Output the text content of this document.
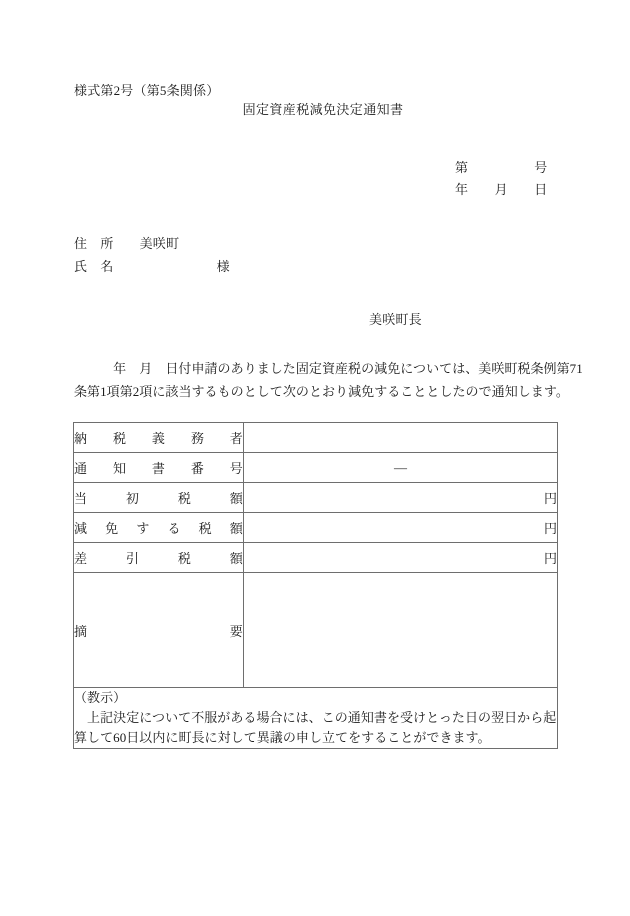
様式第2号（第5条関係）
固定資産税減免決定通知書
第　　　　　号
年　　月　　日
住　所 美咲町
氏　名	様
美咲町長
　　　年　月　日付申請のありました固定資産税の減免については、美咲町税条例第71
条第1項第2項に該当するものとして次のとおり減免することとしたので通知します。
納 税 義 務 者	

通 知 書 番 号	—

当 初 税 額	円

減 免 す る 税 額	円

差 引 税 額	円

摘 要	

（教示）
　上記決定について不服がある場合には、この通知書を受けとった日の翌日から起算して60日以内に町長に対して異議の申し立てをすることができます。	
